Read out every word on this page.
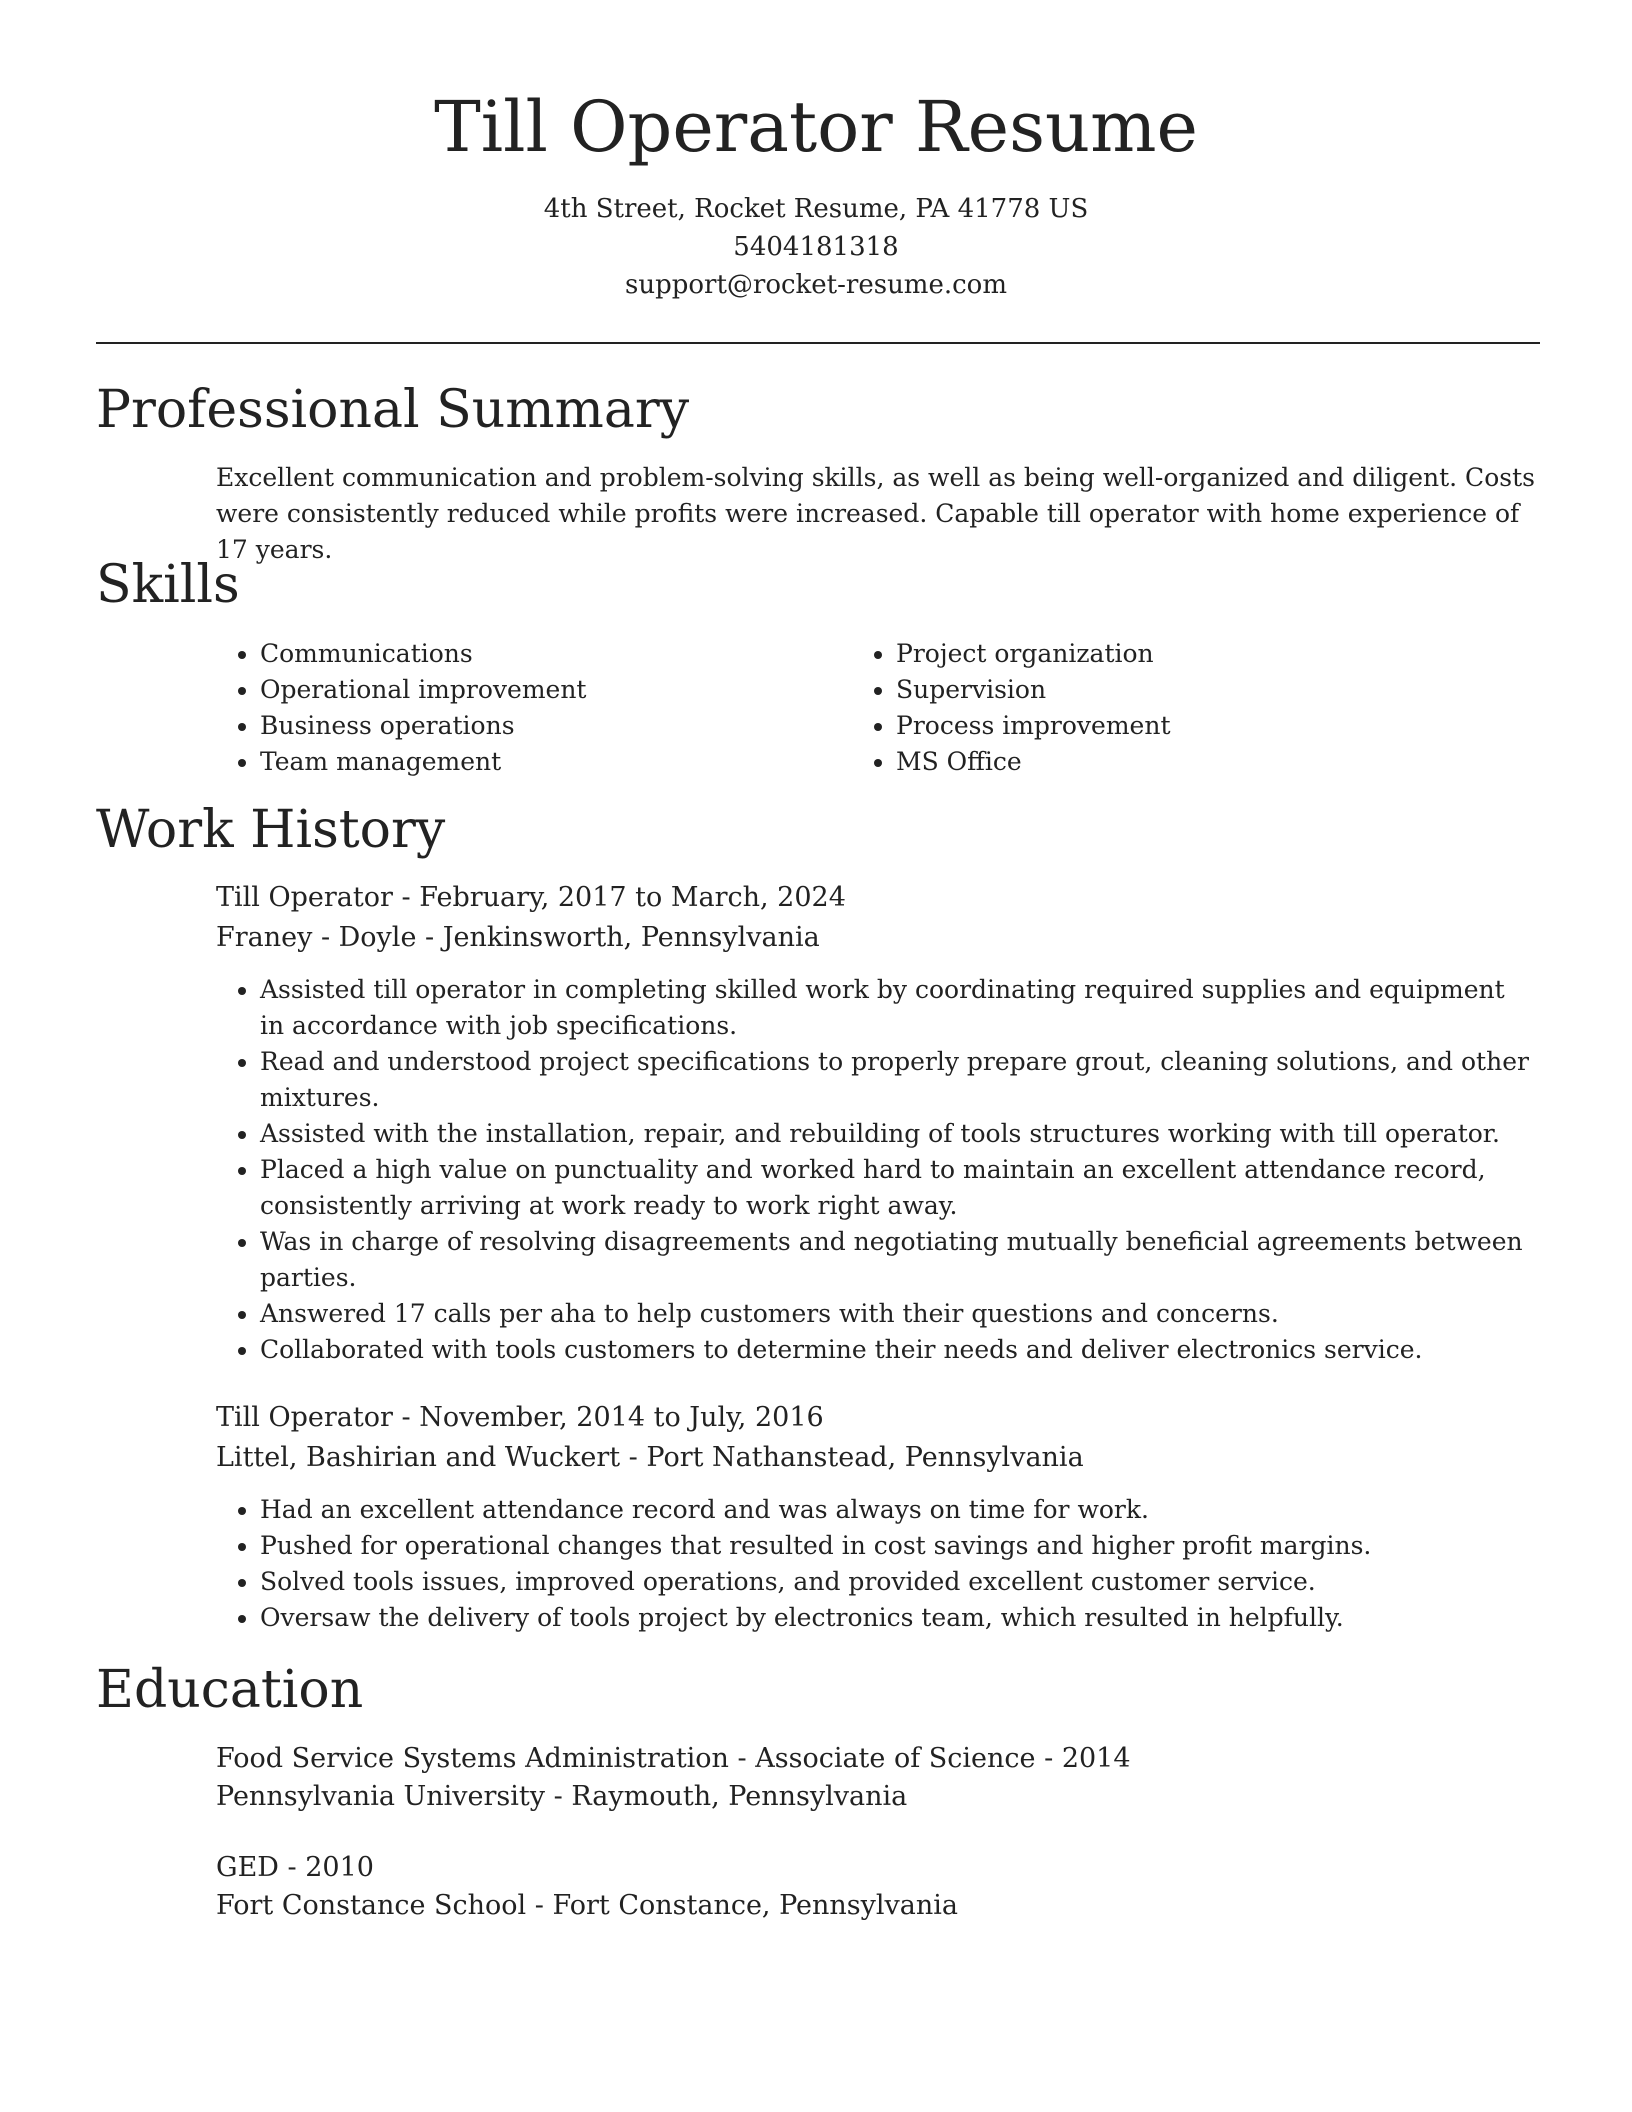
Till Operator Resume
4th Street, Rocket Resume, PA 41778 US
5404181318
support@rocket-resume.com
Professional Summary

Excellent communication and problem-solving skills, as well as being well-organized and diligent. Costs were consistently reduced while profits were increased. Capable till operator with home experience of 17 years.

Skills
• Communications
• Operational improvement
• Business operations
• Team management
• Project organization
• Supervision
• Process improvement
• MS Office
Work History

Till Operator - February, 2017 to March, 2024

Franey - Doyle - Jenkinsworth, Pennsylvania

• Assisted till operator in completing skilled work by coordinating required supplies and equipment in accordance with job specifications.
• Read and understood project specifications to properly prepare grout, cleaning solutions, and other mixtures.
• Assisted with the installation, repair, and rebuilding of tools structures working with till operator.
• Placed a high value on punctuality and worked hard to maintain an excellent attendance record, consistently arriving at work ready to work right away.
• Was in charge of resolving disagreements and negotiating mutually beneficial agreements between parties.
• Answered 17 calls per aha to help customers with their questions and concerns.
• Collaborated with tools customers to determine their needs and deliver electronics service.

Till Operator - November, 2014 to July, 2016

Littel, Bashirian and Wuckert - Port Nathanstead, Pennsylvania

• Had an excellent attendance record and was always on time for work.
• Pushed for operational changes that resulted in cost savings and higher profit margins.
• Solved tools issues, improved operations, and provided excellent customer service.
• Oversaw the delivery of tools project by electronics team, which resulted in helpfully.
Education

Food Service Systems Administration - Associate of Science - 2014

Pennsylvania University - Raymouth, Pennsylvania

GED - 2010

Fort Constance School - Fort Constance, Pennsylvania
